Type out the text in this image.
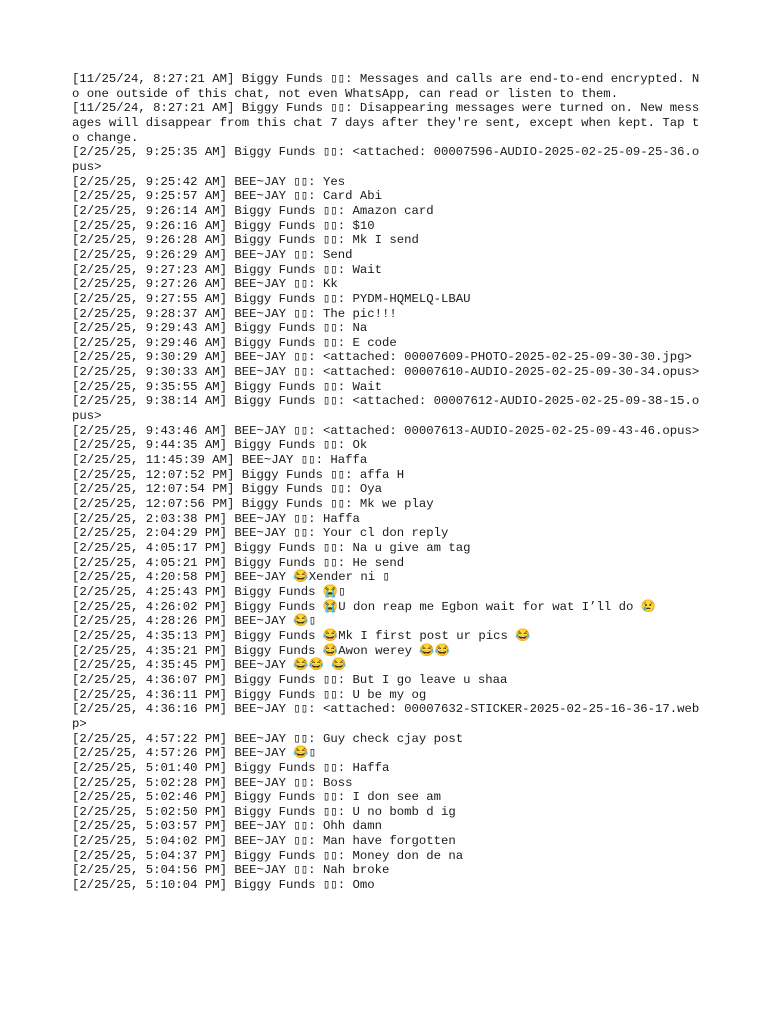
[11/25/24, 8:27:21 AM] Biggy Funds ▯▯: Messages and calls are end-to-end encrypted. No one outside of this chat, not even WhatsApp, can read or listen to them.
[11/25/24, 8:27:21 AM] Biggy Funds ▯▯: Disappearing messages were turned on. New messages will disappear from this chat 7 days after they're sent, except when kept. Tap to change.
[2/25/25, 9:25:35 AM] Biggy Funds ▯▯: <attached: 00007596-AUDIO-2025-02-25-09-25-36.opus>
[2/25/25, 9:25:42 AM] BEE~JAY ▯▯: Yes
[2/25/25, 9:25:57 AM] BEE~JAY ▯▯: Card Abi
[2/25/25, 9:26:14 AM] Biggy Funds ▯▯: Amazon card
[2/25/25, 9:26:16 AM] Biggy Funds ▯▯: $10
[2/25/25, 9:26:28 AM] Biggy Funds ▯▯: Mk I send
[2/25/25, 9:26:29 AM] BEE~JAY ▯▯: Send
[2/25/25, 9:27:23 AM] Biggy Funds ▯▯: Wait
[2/25/25, 9:27:26 AM] BEE~JAY ▯▯: Kk
[2/25/25, 9:27:55 AM] Biggy Funds ▯▯: PYDM-HQMELQ-LBAU
[2/25/25, 9:28:37 AM] BEE~JAY ▯▯: The pic!!!
[2/25/25, 9:29:43 AM] Biggy Funds ▯▯: Na
[2/25/25, 9:29:46 AM] Biggy Funds ▯▯: E code
[2/25/25, 9:30:29 AM] BEE~JAY ▯▯: <attached: 00007609-PHOTO-2025-02-25-09-30-30.jpg>
[2/25/25, 9:30:33 AM] BEE~JAY ▯▯: <attached: 00007610-AUDIO-2025-02-25-09-30-34.opus>
[2/25/25, 9:35:55 AM] Biggy Funds ▯▯: Wait
[2/25/25, 9:38:14 AM] Biggy Funds ▯▯: <attached: 00007612-AUDIO-2025-02-25-09-38-15.opus>
[2/25/25, 9:43:46 AM] BEE~JAY ▯▯: <attached: 00007613-AUDIO-2025-02-25-09-43-46.opus>
[2/25/25, 9:44:35 AM] Biggy Funds ▯▯: Ok
[2/25/25, 11:45:39 AM] BEE~JAY ▯▯: Haffa
[2/25/25, 12:07:52 PM] Biggy Funds ▯▯: affa H
[2/25/25, 12:07:54 PM] Biggy Funds ▯▯: Oya
[2/25/25, 12:07:56 PM] Biggy Funds ▯▯: Mk we play
[2/25/25, 2:03:38 PM] BEE~JAY ▯▯: Haffa
[2/25/25, 2:04:29 PM] BEE~JAY ▯▯: Your cl don reply
[2/25/25, 4:05:17 PM] Biggy Funds ▯▯: Na u give am tag
[2/25/25, 4:05:21 PM] Biggy Funds ▯▯: He send
[2/25/25, 4:20:58 PM] BEE~JAY 😂Xender ni ▯
[2/25/25, 4:25:43 PM] Biggy Funds 😭▯
[2/25/25, 4:26:02 PM] Biggy Funds 😭U don reap me Egbon wait for wat I’ll do 😢
[2/25/25, 4:28:26 PM] BEE~JAY 😂▯
[2/25/25, 4:35:13 PM] Biggy Funds 😂Mk I first post ur pics 😂
[2/25/25, 4:35:21 PM] Biggy Funds 😂Awon werey 😂😂
[2/25/25, 4:35:45 PM] BEE~JAY 😂😂 😂
[2/25/25, 4:36:07 PM] Biggy Funds ▯▯: But I go leave u shaa
[2/25/25, 4:36:11 PM] Biggy Funds ▯▯: U be my og
[2/25/25, 4:36:16 PM] BEE~JAY ▯▯: <attached: 00007632-STICKER-2025-02-25-16-36-17.webp>
[2/25/25, 4:57:22 PM] BEE~JAY ▯▯: Guy check cjay post
[2/25/25, 4:57:26 PM] BEE~JAY 😂▯
[2/25/25, 5:01:40 PM] Biggy Funds ▯▯: Haffa
[2/25/25, 5:02:28 PM] BEE~JAY ▯▯: Boss
[2/25/25, 5:02:46 PM] Biggy Funds ▯▯: I don see am
[2/25/25, 5:02:50 PM] Biggy Funds ▯▯: U no bomb d ig
[2/25/25, 5:03:57 PM] BEE~JAY ▯▯: Ohh damn
[2/25/25, 5:04:02 PM] BEE~JAY ▯▯: Man have forgotten
[2/25/25, 5:04:37 PM] Biggy Funds ▯▯: Money don de na
[2/25/25, 5:04:56 PM] BEE~JAY ▯▯: Nah broke
[2/25/25, 5:10:04 PM] Biggy Funds ▯▯: Omo
